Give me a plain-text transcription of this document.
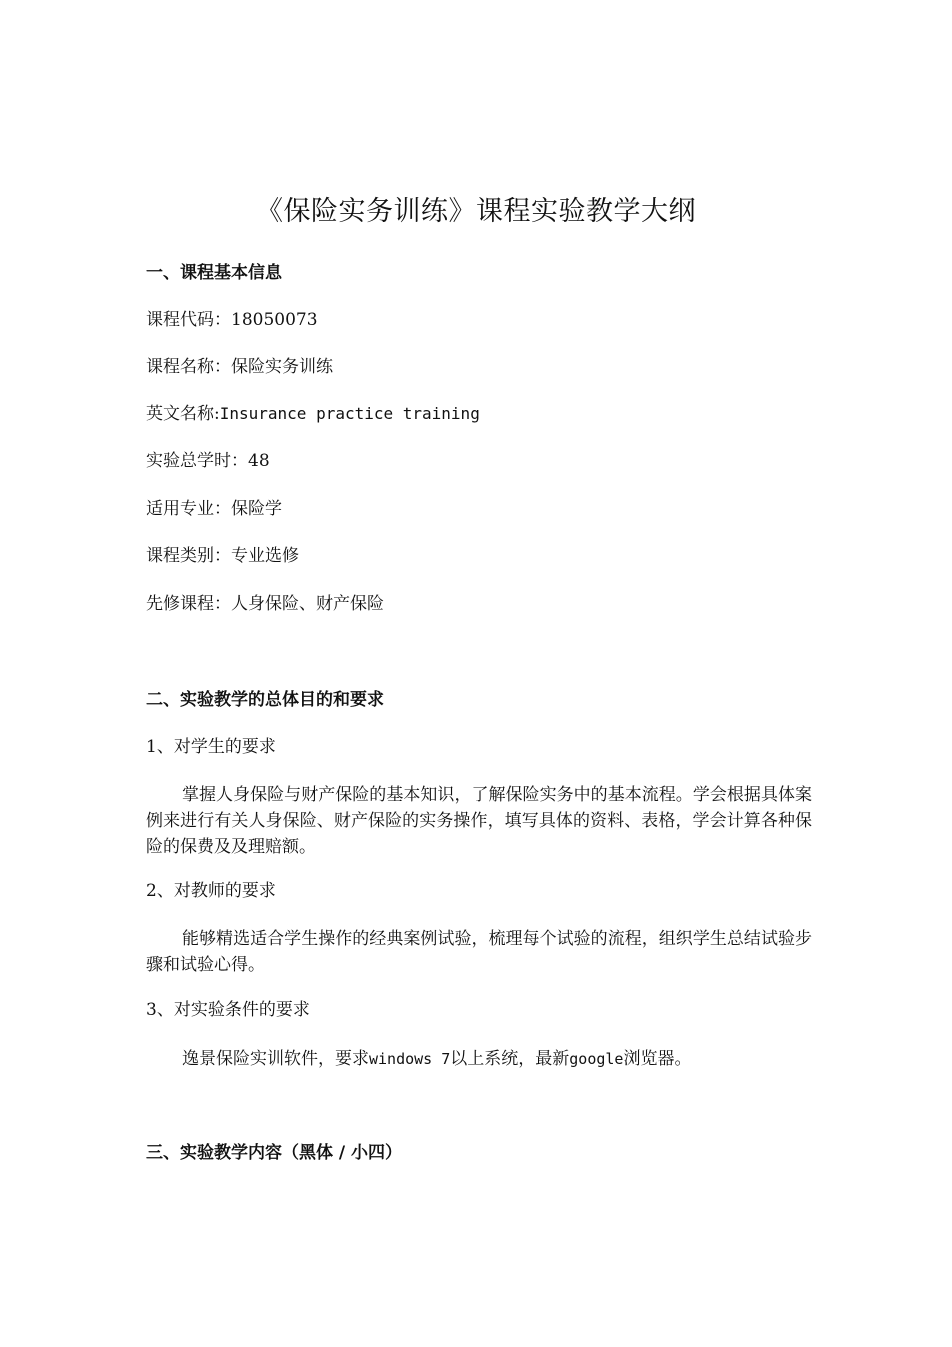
《保险实务训练》课程实验教学大纲
一、课程基本信息
课程代码：18050073
课程名称：保险实务训练
英文名称:Insurance practice training
实验总学时：48
适用专业：保险学
课程类别：专业选修
先修课程：人身保险、财产保险
二、实验教学的总体目的和要求
1、对学生的要求
掌握人身保险与财产保险的基本知识，了解保险实务中的基本流程。学会根据具体案例来进行有关人身保险、财产保险的实务操作，填写具体的资料、表格，学会计算各种保险的保费及及理赔额。
2、对教师的要求
能够精选适合学生操作的经典案例试验，梳理每个试验的流程，组织学生总结试验步骤和试验心得。
3、对实验条件的要求
逸景保险实训软件，要求windows 7以上系统，最新google浏览器。
三、实验教学内容（黑体 / 小四）
